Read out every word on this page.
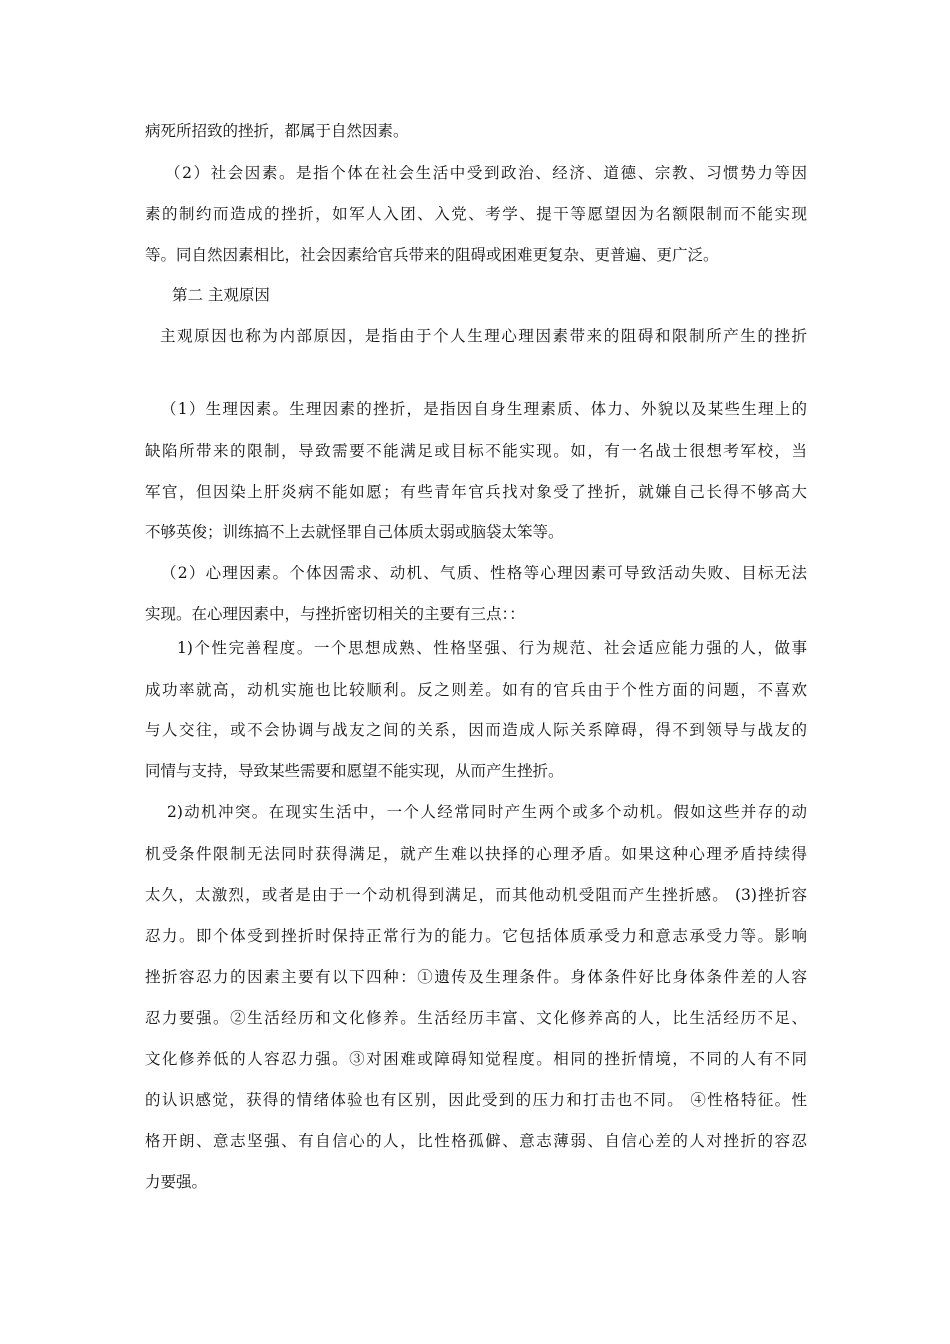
病死所招致的挫折，都属于自然因素。
（2）社会因素。是指个体在社会生活中受到政治、经济、道德、宗教、习惯势力等因
素的制约而造成的挫折，如军人入团、入党、考学、提干等愿望因为名额限制而不能实现
等。同自然因素相比，社会因素给官兵带来的阻碍或困难更复杂、更普遍、更广泛。
第二 主观原因
主观原因也称为内部原因，是指由于个人生理心理因素带来的阻碍和限制所产生的挫折
（1）生理因素。生理因素的挫折，是指因自身生理素质、体力、外貌以及某些生理上的
缺陷所带来的限制，导致需要不能满足或目标不能实现。如，有一名战士很想考军校，当
军官，但因染上肝炎病不能如愿；有些青年官兵找对象受了挫折，就嫌自己长得不够高大
不够英俊；训练搞不上去就怪罪自己体质太弱或脑袋太笨等。
（2）心理因素。个体因需求、动机、气质、性格等心理因素可导致活动失败、目标无法
实现。在心理因素中，与挫折密切相关的主要有三点：：
1)个性完善程度。一个思想成熟、性格坚强、行为规范、社会适应能力强的人，做事
成功率就高，动机实施也比较顺利。反之则差。如有的官兵由于个性方面的问题，不喜欢
与人交往，或不会协调与战友之间的关系，因而造成人际关系障碍，得不到领导与战友的
同情与支持，导致某些需要和愿望不能实现，从而产生挫折。
2)动机冲突。在现实生活中，一个人经常同时产生两个或多个动机。假如这些并存的动
机受条件限制无法同时获得满足，就产生难以抉择的心理矛盾。如果这种心理矛盾持续得
太久，太激烈，或者是由于一个动机得到满足，而其他动机受阻而产生挫折感。 (3)挫折容
忍力。即个体受到挫折时保持正常行为的能力。它包括体质承受力和意志承受力等。影响
挫折容忍力的因素主要有以下四种：①遗传及生理条件。身体条件好比身体条件差的人容
忍力要强。②生活经历和文化修养。生活经历丰富、文化修养高的人，比生活经历不足、
文化修养低的人容忍力强。③对困难或障碍知觉程度。相同的挫折情境，不同的人有不同
的认识感觉，获得的情绪体验也有区别，因此受到的压力和打击也不同。 ④性格特征。性
格开朗、意志坚强、有自信心的人，比性格孤僻、意志薄弱、自信心差的人对挫折的容忍
力要强。
